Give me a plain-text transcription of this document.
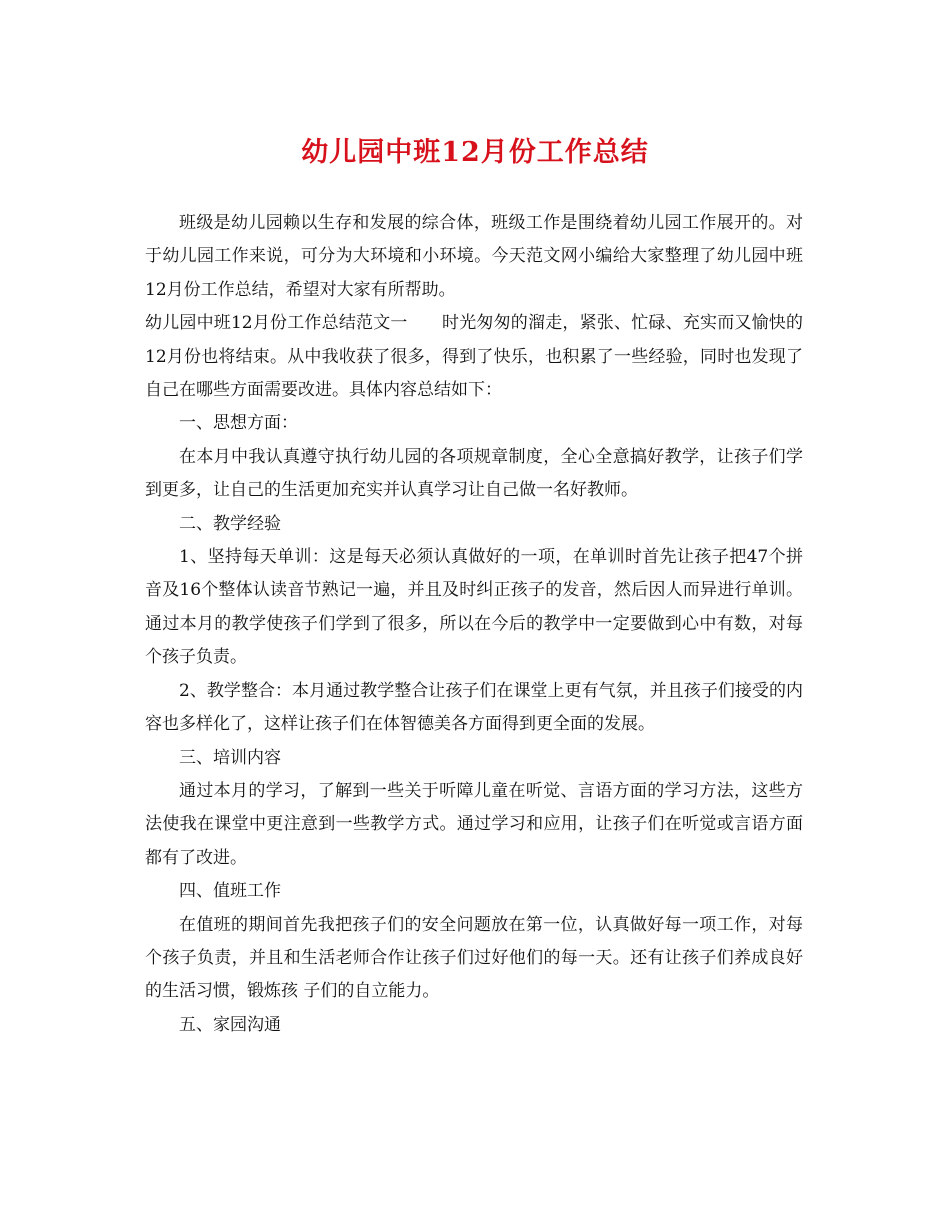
幼儿园中班12月份工作总结

班级是幼儿园赖以生存和发展的综合体，班级工作是围绕着幼儿园工作展开的。对于幼儿园工作来说，可分为大环境和小环境。今天范文网小编给大家整理了幼儿园中班12月份工作总结，希望对大家有所帮助。

幼儿园中班12月份工作总结范文一　　时光匆匆的溜走，紧张、忙碌、充实而又愉快的12月份也将结束。从中我收获了很多，得到了快乐，也积累了一些经验，同时也发现了自己在哪些方面需要改进。具体内容总结如下：

一、思想方面：

在本月中我认真遵守执行幼儿园的各项规章制度，全心全意搞好教学，让孩子们学到更多，让自己的生活更加充实并认真学习让自己做一名好教师。

二、教学经验

1、坚持每天单训：这是每天必须认真做好的一项，在单训时首先让孩子把47个拼音及16个整体认读音节熟记一遍，并且及时纠正孩子的发音，然后因人而异进行单训。通过本月的教学使孩子们学到了很多，所以在今后的教学中一定要做到心中有数，对每个孩子负责。

2、教学整合：本月通过教学整合让孩子们在课堂上更有气氛，并且孩子们接受的内容也多样化了，这样让孩子们在体智德美各方面得到更全面的发展。

三、培训内容

通过本月的学习，了解到一些关于听障儿童在听觉、言语方面的学习方法，这些方法使我在课堂中更注意到一些教学方式。通过学习和应用，让孩子们在听觉或言语方面都有了改进。

四、值班工作

在值班的期间首先我把孩子们的安全问题放在第一位，认真做好每一项工作，对每个孩子负责，并且和生活老师合作让孩子们过好他们的每一天。还有让孩子们养成良好的生活习惯，锻炼孩 子们的自立能力。

五、家园沟通
